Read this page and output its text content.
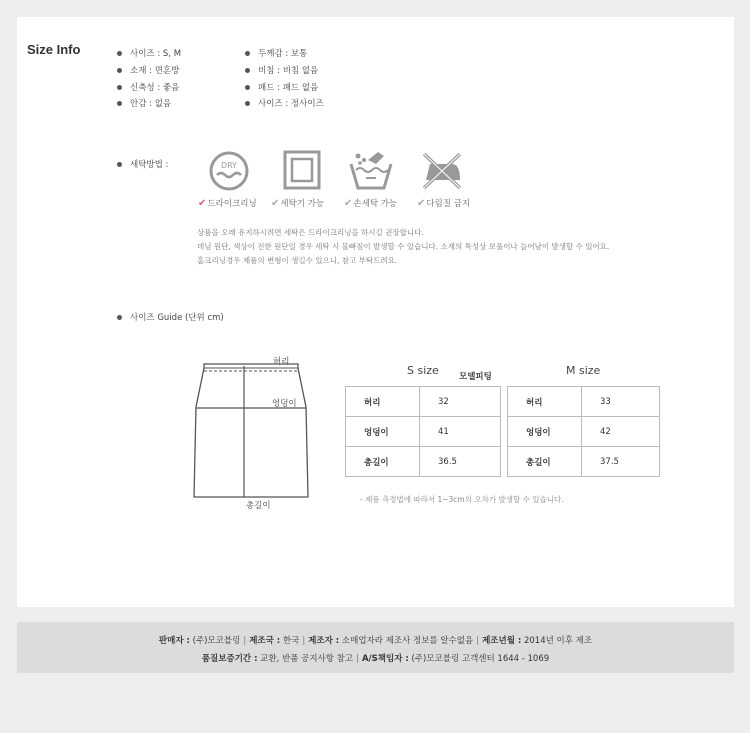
Size Info	사이즈 : S, M
소재 : 면혼방
신축성 : 좋음
안감 : 없음
두께감 : 보통
비침 : 비침 없음
패드 : 패드 없음
사이즈 : 정사이즈
세탁방법 :	DRY
✔드라이크리닝 ✔세탁기 가능 ✔손세탁 가능 ✔다림질 금지
상품을 오래 유지하시려면 세탁은 드라이크리닝을 하시길 권장합니다.
데님 원단, 색상이 진한 원단일 경우 세탁 시 물빠짐이 발생할 수 있습니다. 소재의 특성상 보풀이나 늘어남이 발생할 수 있어요.
홈크리닝경우 제품의 변형이 생길수 있으니, 참고 부탁드려요.
사이즈 Guide (단위 cm)
허리
엉덩이
총길이
S size 모델피팅
허리	32
엉덩이	41
총길이	36.5
M size
허리	33
엉덩이	42
총길이	37.5
- 제품 측정법에 따라서 1~3cm의 오차가 발생할 수 있습니다.
판매자 : (주)모코블링 | 제조국 : 한국 | 제조자 : 소매업자라 제조사 정보를 알수없음 | 제조년월 : 2014년 이후 제조
품질보증기간 : 교환, 반품 공지사항 참고 | A/S책임자 : (주)모코블링 고객센터 1644 - 1069
